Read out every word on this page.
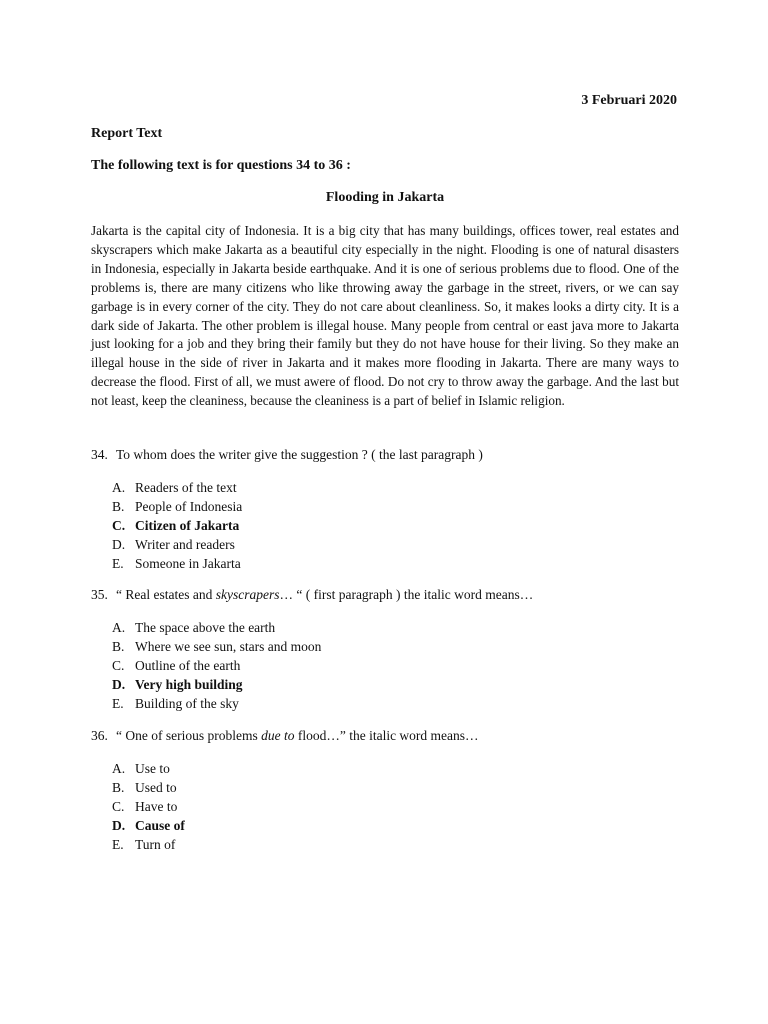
3 Februari 2020
Report Text
The following text is for questions 34 to 36 :
Flooding in Jakarta

Jakarta is the capital city of Indonesia. It is a big city that has many buildings, offices tower, real estates and skyscrapers which make Jakarta as a beautiful city especially in the night. Flooding is one of natural disasters in Indonesia, especially in Jakarta beside earthquake. And it is one of serious problems due to flood. One of the problems is, there are many citizens who like throwing away the garbage in the street, rivers, or we can say garbage is in every corner of the city. They do not care about cleanliness. So, it makes looks a dirty city. It is a dark side of Jakarta. The other problem is illegal house. Many people from central or east java more to Jakarta just looking for a job and they bring their family but they do not have house for their living. So they make an illegal house in the side of river in Jakarta and it makes more flooding in Jakarta. There are many ways to decrease the flood. First of all, we must awere of flood. Do not cry to throw away the garbage. And the last but not least, keep the cleaniness, because the cleaniness is a part of belief in Islamic religion.

34. To whom does the writer give the suggestion ? ( the last paragraph )
A. Readers of the text
B. People of Indonesia
C. Citizen of Jakarta
D. Writer and readers
E. Someone in Jakarta
35. “ Real estates and skyscrapers… “ ( first paragraph ) the italic word means…
A. The space above the earth
B. Where we see sun, stars and moon
C. Outline of the earth
D. Very high building
E. Building of the sky
36. “ One of serious problems due to flood…” the italic word means…
A. Use to
B. Used to
C. Have to
D. Cause of
E. Turn of
